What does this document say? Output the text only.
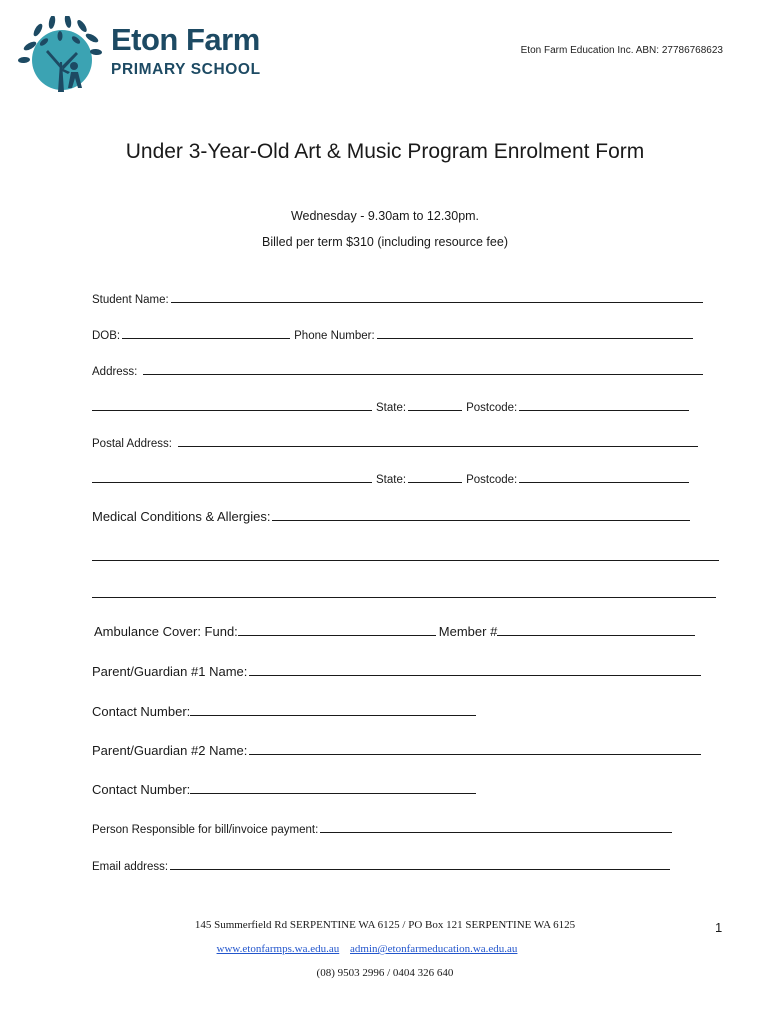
Eton Farm
PRIMARY SCHOOL
Eton Farm Education Inc. ABN: 27786768623
Under 3-Year-Old Art & Music Program Enrolment Form
Wednesday - 9.30am to 12.30pm.
Billed per term $310 (including resource fee)
Student Name:
DOB:	Phone Number:
Address:
State:	Postcode:
Postal Address:
State:	Postcode:
Medical Conditions & Allergies:
Ambulance Cover: Fund:	Member #
Parent/Guardian #1 Name:
Contact Number:
Parent/Guardian #2 Name:
Contact Number:
Person Responsible for bill/invoice payment:
Email address:
145 Summerfield Rd SERPENTINE WA 6125 / PO Box 121 SERPENTINE WA 6125	1
www.etonfarmps.wa.edu.au admin@etonfarmeducation.wa.edu.au
(08) 9503 2996 / 0404 326 640
